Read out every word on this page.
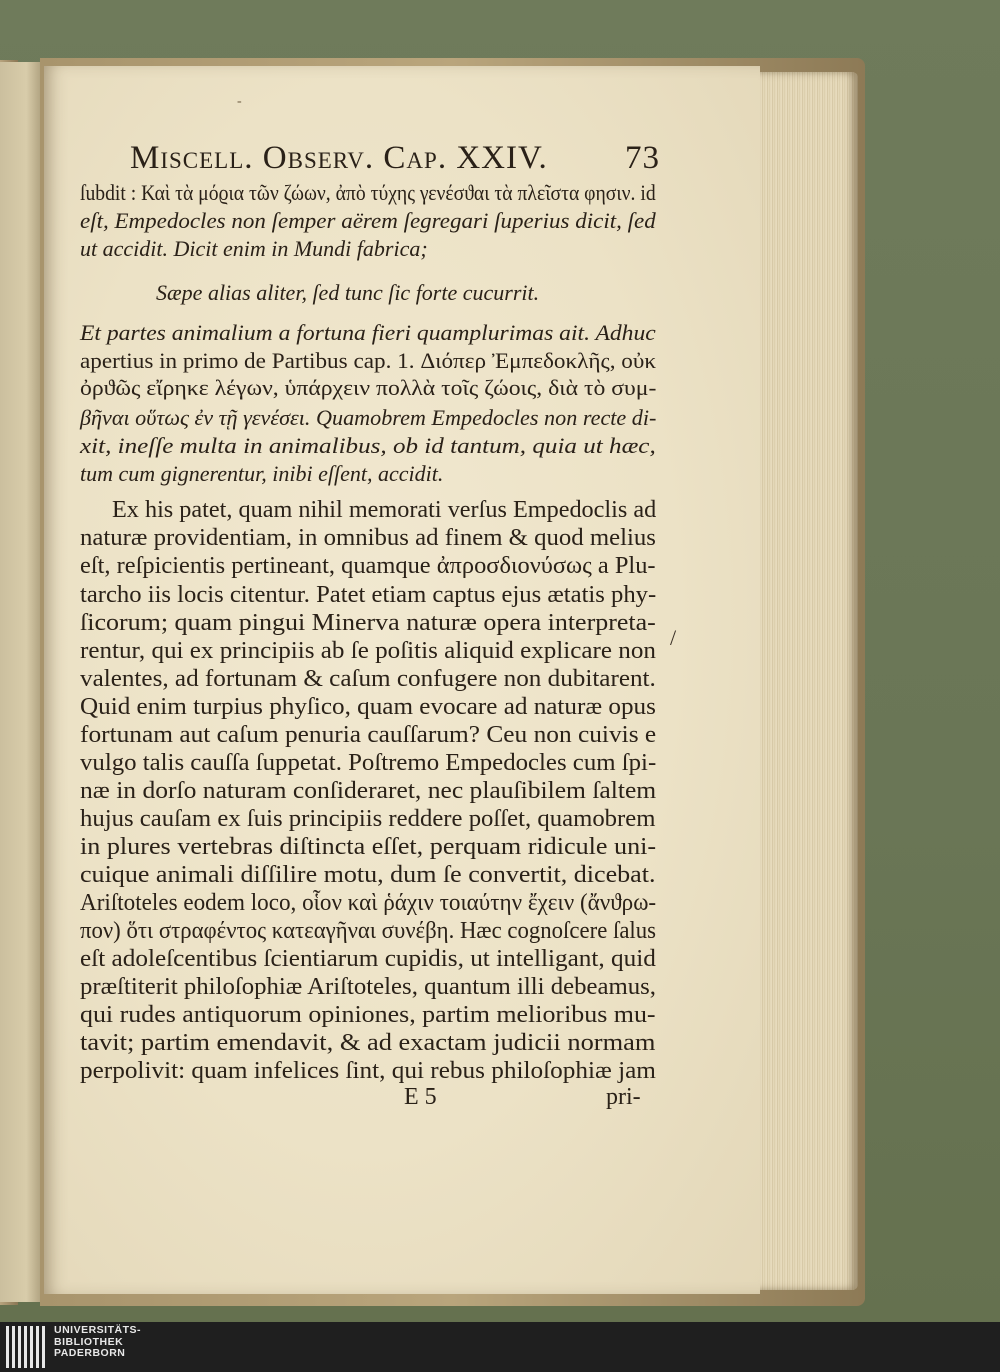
-
Miscell. Observ. Cap. XXIV. 73
ſubdit : Καὶ τὰ μόϱια τῶν ζώων, ἀπὸ τύχης γενέσϑαι τὰ πλεῖστα φησιν. id
eſt, Empedocles non ſemper aërem ſegregari ſuperius dicit, ſed
ut accidit. Dicit enim in Mundi fabrica;
Sæpe alias aliter, ſed tunc ſic forte cucurrit.
Et partes animalium a fortuna fieri quamplurimas ait. Adhuc
apertius in primo de Partibus cap. 1. Διόπερ Ἐμπεδοκλῆς, οὐκ
ὀρϑῶς εἴρηκε λέγων, ὑπάρχειν πολλὰ τοῖς ζώοις, διὰ τὸ συμ-
βῆναι οὕτως ἐν τῇ γενέσει. Quamobrem Empedocles non recte di-
xit, ineſſe multa in animalibus, ob id tantum, quia ut hæc,
tum cum gignerentur, inibi eſſent, accidit.
Ex his patet, quam nihil memorati verſus Empedoclis ad
naturæ providentiam, in omnibus ad finem & quod melius
eſt, reſpicientis pertineant, quamque ἀπροσδιονύσως a Plu-
tarcho iis locis citentur. Patet etiam captus ejus ætatis phy-
ſicorum; quam pingui Minerva naturæ opera interpreta-
rentur, qui ex principiis ab ſe poſitis aliquid explicare non
valentes, ad fortunam & caſum confugere non dubitarent.
Quid enim turpius phyſico, quam evocare ad naturæ opus
fortunam aut caſum penuria cauſſarum? Ceu non cuivis e
vulgo talis cauſſa ſuppetat. Poſtremo Empedocles cum ſpi-
næ in dorſo naturam conſideraret, nec plauſibilem ſaltem
hujus cauſam ex ſuis principiis reddere poſſet, quamobrem
in plures vertebras diſtincta eſſet, perquam ridicule uni-
cuique animali diſſilire motu, dum ſe convertit, dicebat.
Ariſtoteles eodem loco, οἷον καὶ ῥάχιν τοιαύτην ἔχειν (ἄνϑρω-
πον) ὅτι στραφέντος κατεαγῆναι συνέβη. Hæc cognoſcere ſalus
eſt adoleſcentibus ſcientiarum cupidis, ut intelligant, quid
præſtiterit philoſophiæ Ariſtoteles, quantum illi debeamus,
qui rudes antiquorum opiniones, partim melioribus mu-
tavit; partim emendavit, & ad exactam judicii normam
perpolivit: quam infelices ſint, qui rebus philoſophiæ jam
/
E 5	pri-
UNIVERSITÄTS-
BIBLIOTHEK
PADERBORN
